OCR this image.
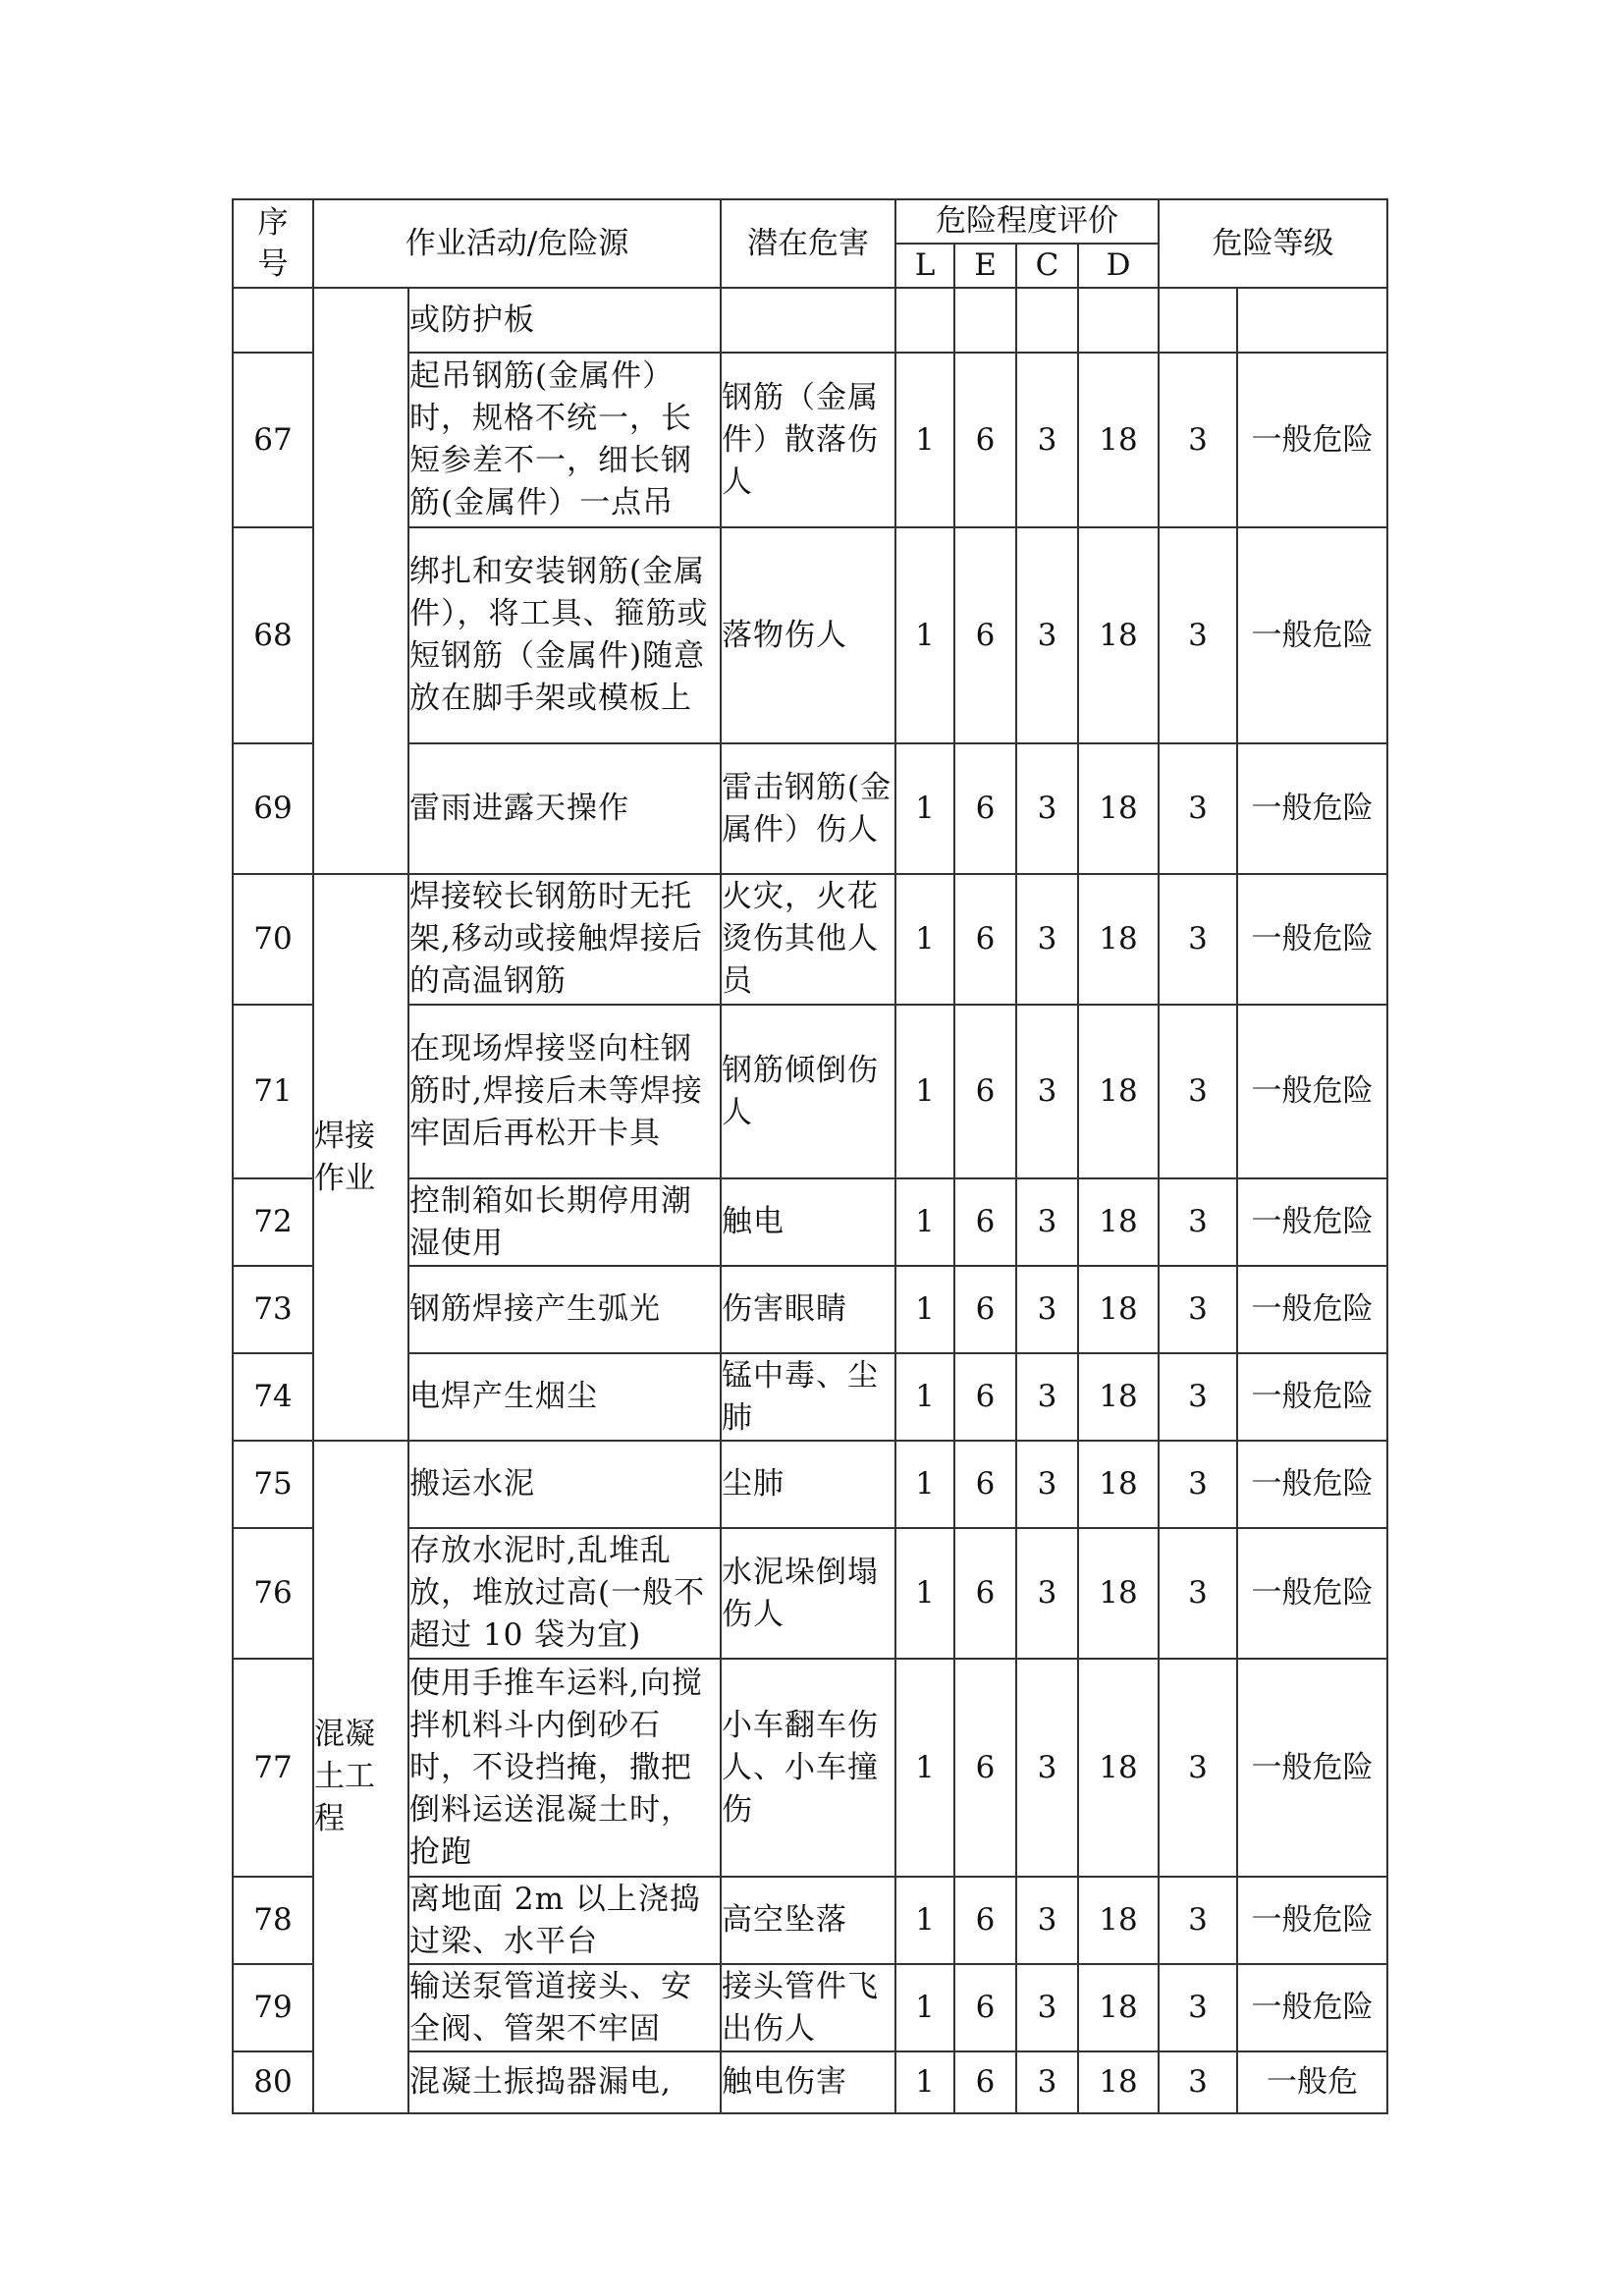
序号	作业活动/危险源		潜在危害	危险程度评价				危险等级	
				L	E	C	D		
		或防护板							
67		起吊钢筋(金属件）时，规格不统一，长短参差不一，细长钢筋(金属件）一点吊	钢筋（金属件）散落伤人	1	6	3	18	3	一般危险
68		绑扎和安装钢筋(金属件），将工具、箍筋或短钢筋（金属件)随意放在脚手架或模板上	落物伤人	1	6	3	18	3	一般危险
69		雷雨进露天操作	雷击钢筋(金属件）伤人	1	6	3	18	3	一般危险
70	焊接作业	焊接较长钢筋时无托架,移动或接触焊接后的高温钢筋	火灾，火花烫伤其他人员	1	6	3	18	3	一般危险
71		在现场焊接竖向柱钢筋时,焊接后未等焊接牢固后再松开卡具	钢筋倾倒伤人	1	6	3	18	3	一般危险
72		控制箱如长期停用潮湿使用	触电	1	6	3	18	3	一般危险
73		钢筋焊接产生弧光	伤害眼睛	1	6	3	18	3	一般危险
74		电焊产生烟尘	锰中毒、尘肺	1	6	3	18	3	一般危险
75	混凝土工程	搬运水泥	尘肺	1	6	3	18	3	一般危险
76		存放水泥时,乱堆乱放，堆放过高(一般不超过 10 袋为宜)	水泥垛倒塌伤人	1	6	3	18	3	一般危险
77		使用手推车运料,向搅拌机料斗内倒砂石时，不设挡掩，撒把倒料运送混凝土时，抢跑	小车翻车伤人、小车撞伤	1	6	3	18	3	一般危险
78		离地面 2m 以上浇捣过梁、水平台	高空坠落	1	6	3	18	3	一般危险
79		输送泵管道接头、安全阀、管架不牢固	接头管件飞出伤人	1	6	3	18	3	一般危险
80		混凝土振捣器漏电,	触电伤害	1	6	3	18	3	一般危
